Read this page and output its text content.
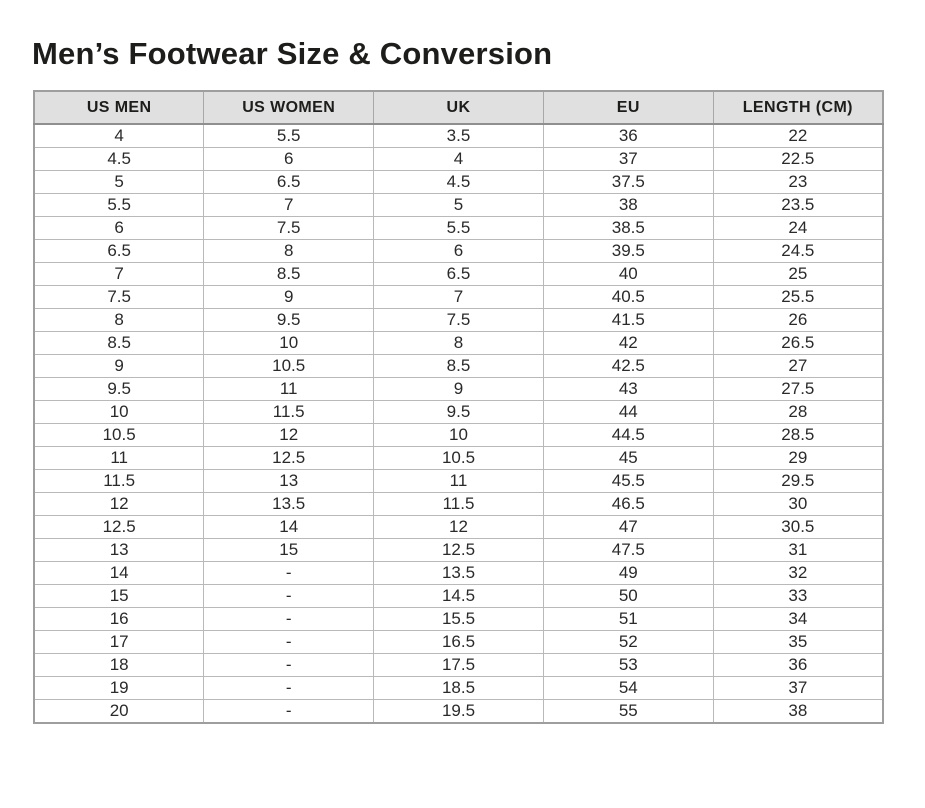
Men’s Footwear Size & Conversion
US MEN	US WOMEN	UK	EU	LENGTH (CM)
4	5.5	3.5	36	22
4.5	6	4	37	22.5
5	6.5	4.5	37.5	23
5.5	7	5	38	23.5
6	7.5	5.5	38.5	24
6.5	8	6	39.5	24.5
7	8.5	6.5	40	25
7.5	9	7	40.5	25.5
8	9.5	7.5	41.5	26
8.5	10	8	42	26.5
9	10.5	8.5	42.5	27
9.5	11	9	43	27.5
10	11.5	9.5	44	28
10.5	12	10	44.5	28.5
11	12.5	10.5	45	29
11.5	13	11	45.5	29.5
12	13.5	11.5	46.5	30
12.5	14	12	47	30.5
13	15	12.5	47.5	31
14	-	13.5	49	32
15	-	14.5	50	33
16	-	15.5	51	34
17	-	16.5	52	35
18	-	17.5	53	36
19	-	18.5	54	37
20	-	19.5	55	38
